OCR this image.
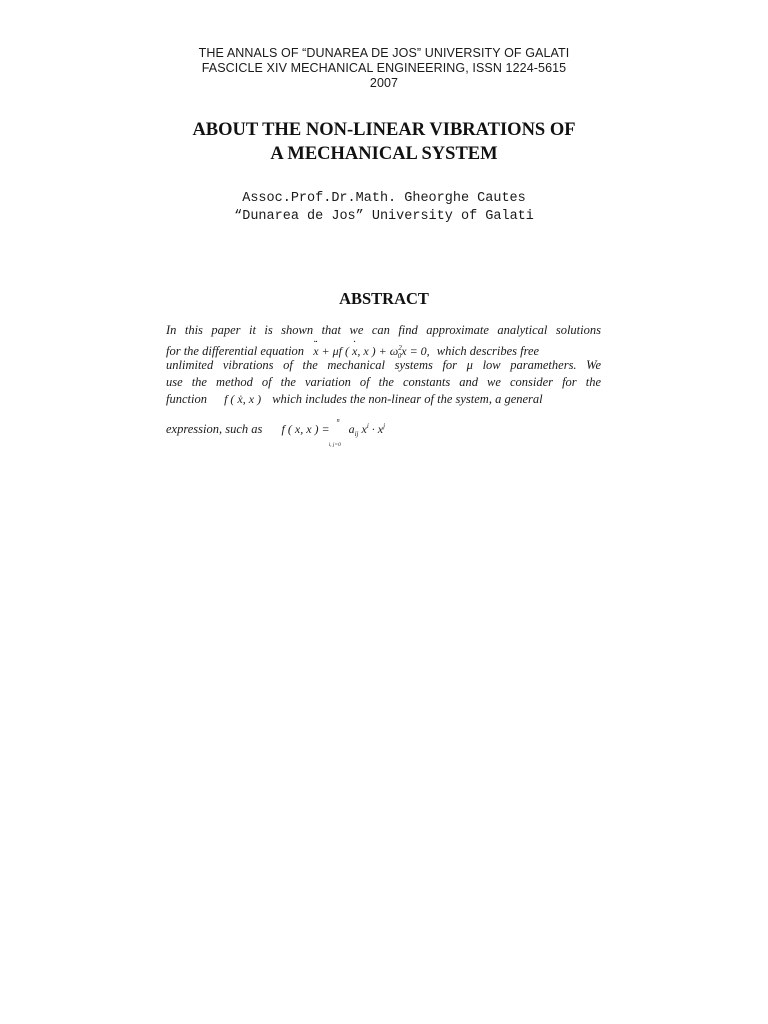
THE ANNALS OF “DUNAREA DE JOS” UNIVERSITY OF GALATI
FASCICLE XIV MECHANICAL ENGINEERING, ISSN 1224-5615
2007
ABOUT THE NON-LINEAR VIBRATIONS OF
A MECHANICAL SYSTEM
Assoc.Prof.Dr.Math. Gheorghe Cautes
“Dunarea de Jos” University of Galati
ABSTRACT
In this paper it is shown that we can find approximate analytical solutions
for the differential equation ·· x + μf ( · x, x ) + $\omega^2_0x = 0$, which describes free
unlimited vibrations of the mechanical systems for μ low paramethers. We
use the method of the variation of the constants and we consider for the
function f ( ẋ, x ) which includes the non-linear of the system, a general
expression, such as f ( x, x ) =
n
i, j=0
$a_{ij}$ $x^i \cdot x^j$
